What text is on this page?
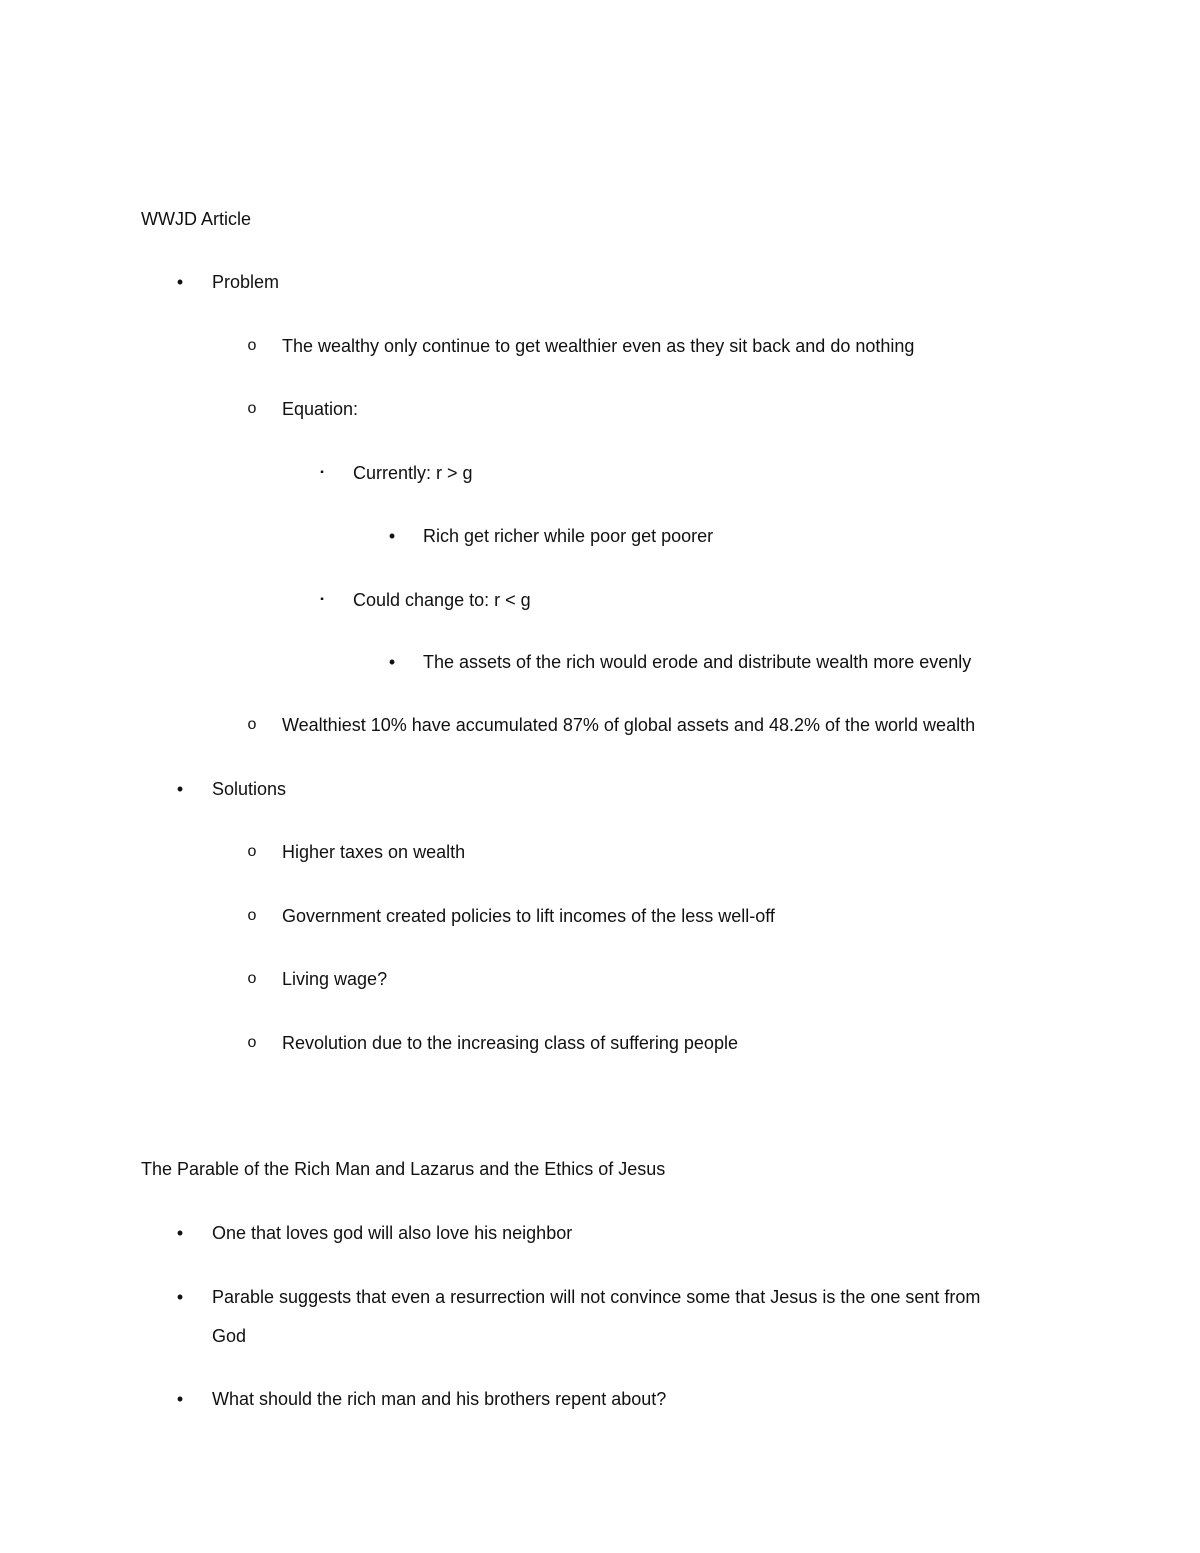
WWJD Article
• Problem
o The wealthy only continue to get wealthier even as they sit back and do nothing
o Equation:
▪	Currently: r > g
• Rich get richer while poor get poorer
▪	Could change to: r < g
• The assets of the rich would erode and distribute wealth more evenly
o Wealthiest 10% have accumulated 87% of global assets and 48.2% of the world wealth
• Solutions
o Higher taxes on wealth
o Government created policies to lift incomes of the less well-off
o Living wage?
o Revolution due to the increasing class of suffering people
The Parable of the Rich Man and Lazarus and the Ethics of Jesus
• One that loves god will also love his neighbor
• Parable suggests that even a resurrection will not convince some that Jesus is the one sent from
God
• What should the rich man and his brothers repent about?
